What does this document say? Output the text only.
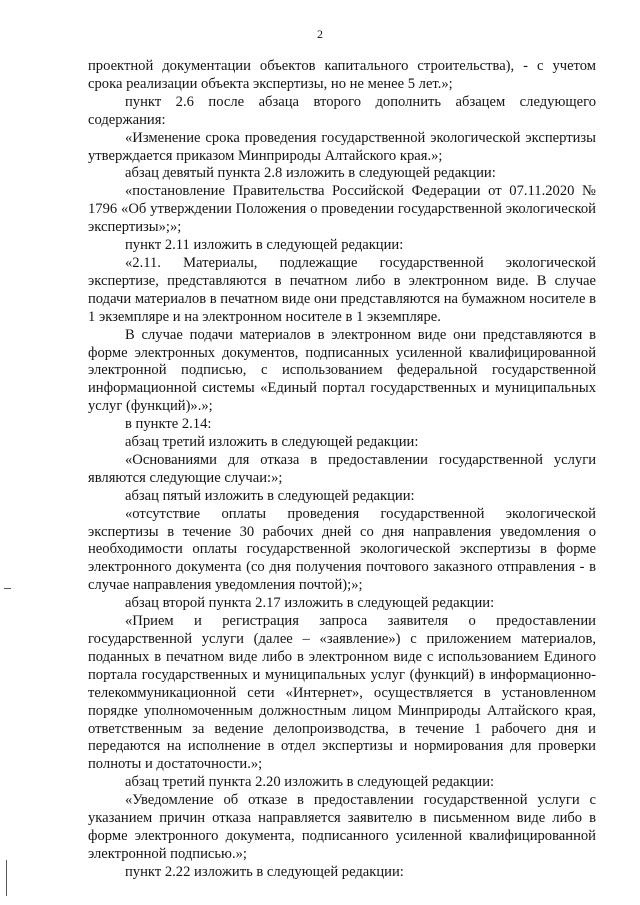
2

проектной документации объектов капитального строительства), - с учетом срока реализации объекта экспертизы, но не менее 5 лет.»;

пункт 2.6 после абзаца второго дополнить абзацем следующего содержания:

«Изменение срока проведения государственной экологической экспертизы утверждается приказом Минприроды Алтайского края.»;

абзац девятый пункта 2.8 изложить в следующей редакции:

«постановление Правительства Российской Федерации от 07.11.2020 № 1796 «Об утверждении Положения о проведении государственной экологической экспертизы»;»;

пункт 2.11 изложить в следующей редакции:

«2.11. Материалы, подлежащие государственной экологической экспертизе, представляются в печатном либо в электронном виде. В случае подачи материалов в печатном виде они представляются на бумажном носителе в 1 экземпляре и на электронном носителе в 1 экземпляре.

В случае подачи материалов в электронном виде они представляются в форме электронных документов, подписанных усиленной квалифицированной электронной подписью, с использованием федеральной государственной информационной системы «Единый портал государственных и муниципальных услуг (функций)».»;

в пункте 2.14:

абзац третий изложить в следующей редакции:

«Основаниями для отказа в предоставлении государственной услуги являются следующие случаи:»;

абзац пятый изложить в следующей редакции:

«отсутствие оплаты проведения государственной экологической экспертизы в течение 30 рабочих дней со дня направления уведомления о необходимости оплаты государственной экологической экспертизы в форме электронного документа (со дня получения почтового заказного отправления - в случае направления уведомления почтой);»;

абзац второй пункта 2.17 изложить в следующей редакции:

«Прием и регистрация запроса заявителя о предоставлении государственной услуги (далее – «заявление») с приложением материалов, поданных в печатном виде либо в электронном виде с использованием Единого портала государственных и муниципальных услуг (функций) в информационно-телекоммуникационной сети «Интернет», осуществляется в установленном порядке уполномоченным должностным лицом Минприроды Алтайского края, ответственным за ведение делопроизводства, в течение 1 рабочего дня и передаются на исполнение в отдел экспертизы и нормирования для проверки полноты и достаточности.»;

абзац третий пункта 2.20 изложить в следующей редакции:

«Уведомление об отказе в предоставлении государственной услуги с указанием причин отказа направляется заявителю в письменном виде либо в форме электронного документа, подписанного усиленной квалифицированной электронной подписью.»;

пункт 2.22 изложить в следующей редакции:
